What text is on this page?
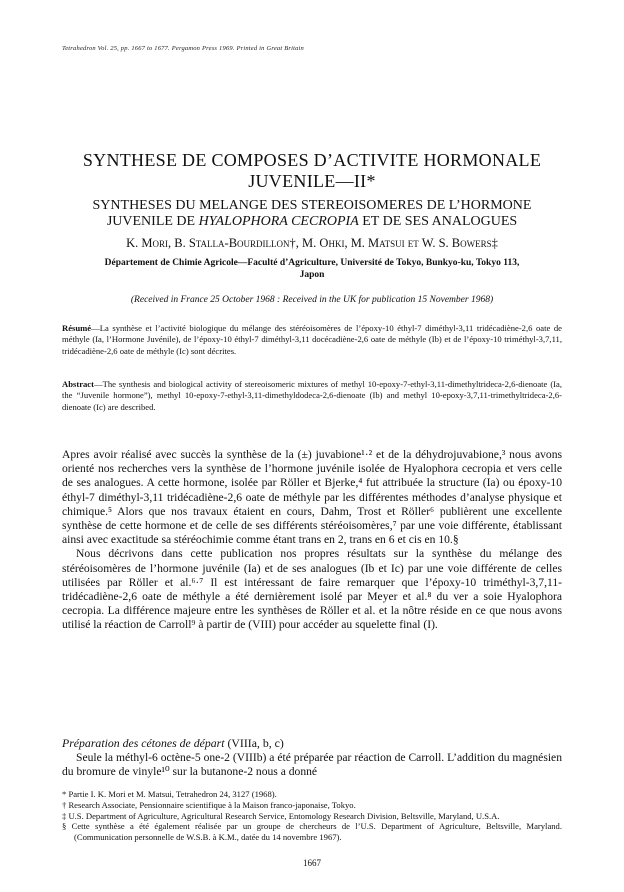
Tetrahedron Vol. 25, pp. 1667 to 1677. Pergamon Press 1969. Printed in Great Britain
SYNTHESE DE COMPOSES D’ACTIVITE HORMONALE
JUVENILE—II*
SYNTHESES DU MELANGE DES STEREOISOMERES DE L’HORMONE
JUVENILE DE HYALOPHORA CECROPIA ET DE SES ANALOGUES
K. Mori, B. Stalla-Bourdillon†, M. Ohki, M. Matsui et W. S. Bowers‡
Département de Chimie Agricole—Faculté d’Agriculture, Université de Tokyo, Bunkyo-ku, Tokyo 113,
Japon
(Received in France 25 October 1968 : Received in the UK for publication 15 November 1968)
Résumé—La synthèse et l’activité biologique du mélange des stéréoisomères de l’époxy-10 éthyl-7 diméthyl-3,11 tridécadiène-2,6 oate de méthyle (Ia, l’Hormone Juvénile), de l’époxy-10 éthyl-7 diméthyl-3,11 docécadiène-2,6 oate de méthyle (Ib) et de l’époxy-10 triméthyl-3,7,11, tridécadiène-2,6 oate de méthyle (Ic) sont décrites.
Abstract—The synthesis and biological activity of stereoisomeric mixtures of methyl 10-epoxy-7-ethyl-3,11-dimethyltrideca-2,6-dienoate (Ia, the “Juvenile hormone”), methyl 10-epoxy-7-ethyl-3,11-dimethyldodeca-2,6-dienoate (Ib) and methyl 10-epoxy-3,7,11-trimethyltrideca-2,6-dienoate (Ic) are described.

Apres avoir réalisé avec succès la synthèse de la (±) juvabione¹·² et de la déhydrojuvabione,³ nous avons orienté nos recherches vers la synthèse de l’hormone juvénile isolée de Hyalophora cecropia et vers celle de ses analogues. A cette hormone, isolée par Röller et Bjerke,⁴ fut attribuée la structure (Ia) ou époxy-10 éthyl-7 diméthyl-3,11 tridécadiène-2,6 oate de méthyle par les différentes méthodes d’analyse physique et chimique.⁵ Alors que nos travaux étaient en cours, Dahm, Trost et Röller⁶ publièrent une excellente synthèse de cette hormone et de celle de ses différents stéréoisomères,⁷ par une voie différente, établissant ainsi avec exactitude sa stéréochimie comme étant trans en 2, trans en 6 et cis en 10.§

Nous décrivons dans cette publication nos propres résultats sur la synthèse du mélange des stéréoisomères de l’hormone juvénile (Ia) et de ses analogues (Ib et Ic) par une voie différente de celles utilisées par Röller et al.⁶·⁷ Il est intéressant de faire remarquer que l’époxy-10 triméthyl-3,7,11-tridécadiène-2,6 oate de méthyle a été dernièrement isolé par Meyer et al.⁸ du ver a soie Hyalophora cecropia. La différence majeure entre les synthèses de Röller et al. et la nôtre réside en ce que nous avons utilisé la réaction de Carroll⁹ à partir de (VIII) pour accéder au squelette final (I).

Préparation des cétones de départ (VIIIa, b, c)

Seule la méthyl-6 octène-5 one-2 (VIIIb) a été préparée par réaction de Carroll. L’addition du magnésien du bromure de vinyle¹⁰ sur la butanone-2 nous a donné

* Partie I. K. Mori et M. Matsui, Tetrahedron 24, 3127 (1968).

† Research Associate, Pensionnaire scientifique à la Maison franco-japonaise, Tokyo.

‡ U.S. Department of Agriculture, Agricultural Research Service, Entomology Research Division, Beltsville, Maryland, U.S.A.

§ Cette synthèse a été également réalisée par un groupe de chercheurs de l’U.S. Department of Agriculture, Beltsville, Maryland. (Communication personnelle de W.S.B. à K.M., datée du 14 novembre 1967).

1667
